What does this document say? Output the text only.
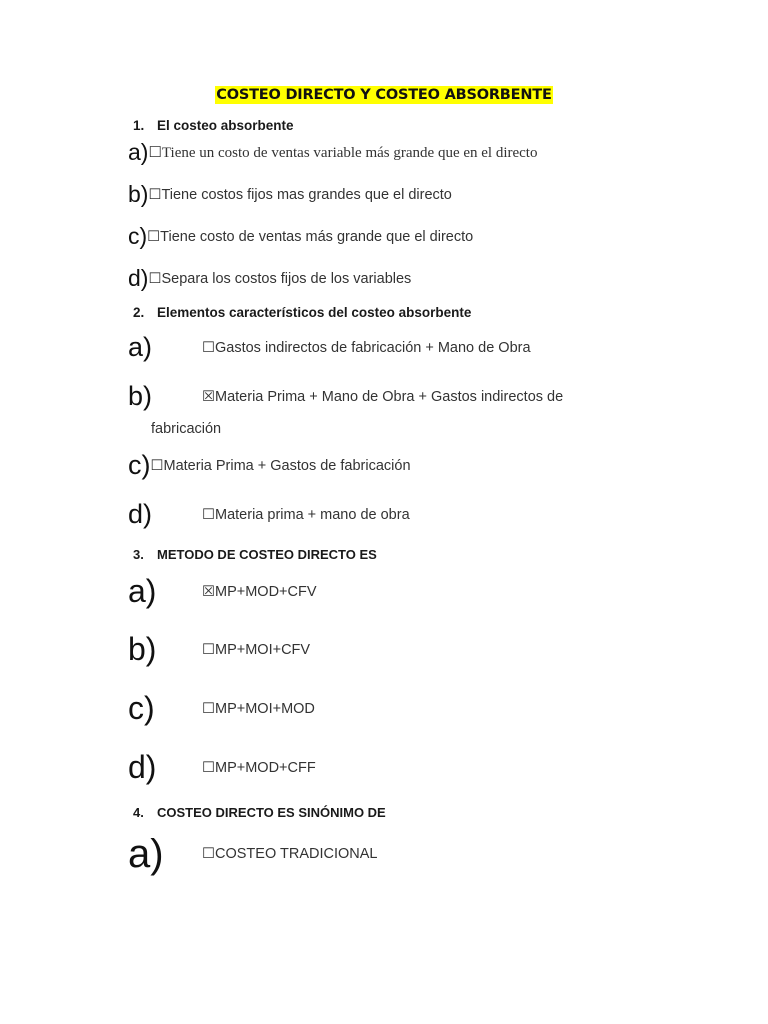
COSTEO DIRECTO Y COSTEO ABSORBENTE
1. El costeo absorbente
a)☐Tiene un costo de ventas variable más grande que en el directo
b)☐Tiene costos fijos mas grandes que el directo
c)☐Tiene costo de ventas más grande que el directo
d)☐Separa los costos fijos de los variables
2. Elementos característicos del costeo absorbente
a)	☐Gastos indirectos de fabricación + Mano de Obra
b)	☒Materia Prima + Mano de Obra + Gastos indirectos de
fabricación
c)☐Materia Prima + Gastos de fabricación
d)	☐Materia prima + mano de obra
3. METODO DE COSTEO DIRECTO ES
a)	☒MP+MOD+CFV
b)	☐MP+MOI+CFV
c)	☐MP+MOI+MOD
d)	☐MP+MOD+CFF
4. COSTEO DIRECTO ES SINÓNIMO DE
a)	☐COSTEO TRADICIONAL
